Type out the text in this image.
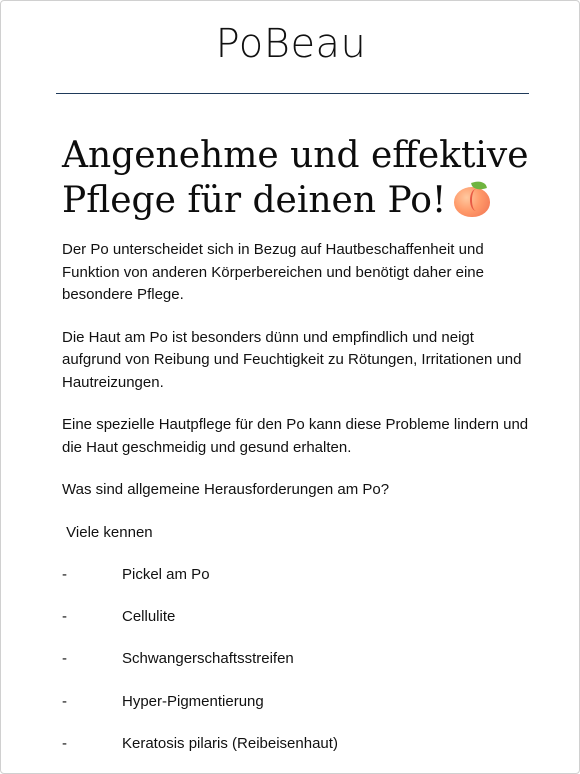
PoBeau
Angenehme und effektive
Pflege für deinen Po!

Der Po unterscheidet sich in Bezug auf Hautbeschaffenheit und Funktion von anderen Körperbereichen und benötigt daher eine besondere Pflege.

Die Haut am Po ist besonders dünn und empfindlich und neigt aufgrund von Reibung und Feuchtigkeit zu Rötungen, Irritationen und Hautreizungen.

Eine spezielle Hautpflege für den Po kann diese Probleme lindern und die Haut geschmeidig und gesund erhalten.

Was sind allgemeine Herausforderungen am Po?

Viele kennen

-	Pickel am Po
-	Cellulite
-	Schwangerschaftsstreifen
-	Hyper-Pigmentierung
-	Keratosis pilaris (Reibeisenhaut)
